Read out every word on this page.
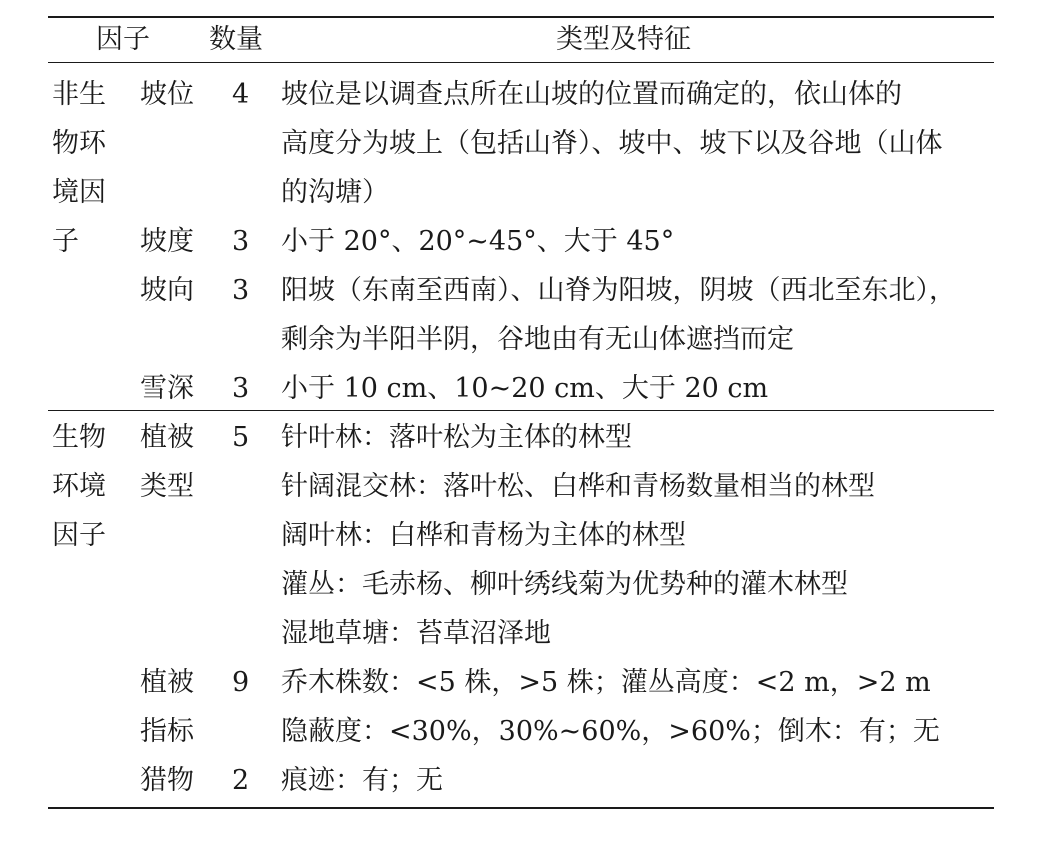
因子 数量	类型及特征
非生
物环
境因
子
坡位 4 坡位是以调查点所在山坡的位置而确定的，依山体的
高度分为坡上（包括山脊）、坡中、坡下以及谷地（山体
的沟塘）
坡度 3 小于 20°、20°~45°、大于 45°
坡向 3 阳坡（东南至西南）、山脊为阳坡，阴坡（西北至东北），
剩余为半阳半阴，谷地由有无山体遮挡而定
雪深 3 小于 10 cm、10~20 cm、大于 20 cm
生物
环境
因子
植被
类型
5 针叶林：落叶松为主体的林型
针阔混交林：落叶松、白桦和青杨数量相当的林型
阔叶林：白桦和青杨为主体的林型
灌丛：毛赤杨、柳叶绣线菊为优势种的灌木林型
湿地草塘：苔草沼泽地
植被
指标
9 乔木株数：<5 株，>5 株；灌丛高度：<2 m，>2 m
隐蔽度：<30%，30%~60%，>60%；倒木：有；无
猎物 2 痕迹：有；无
